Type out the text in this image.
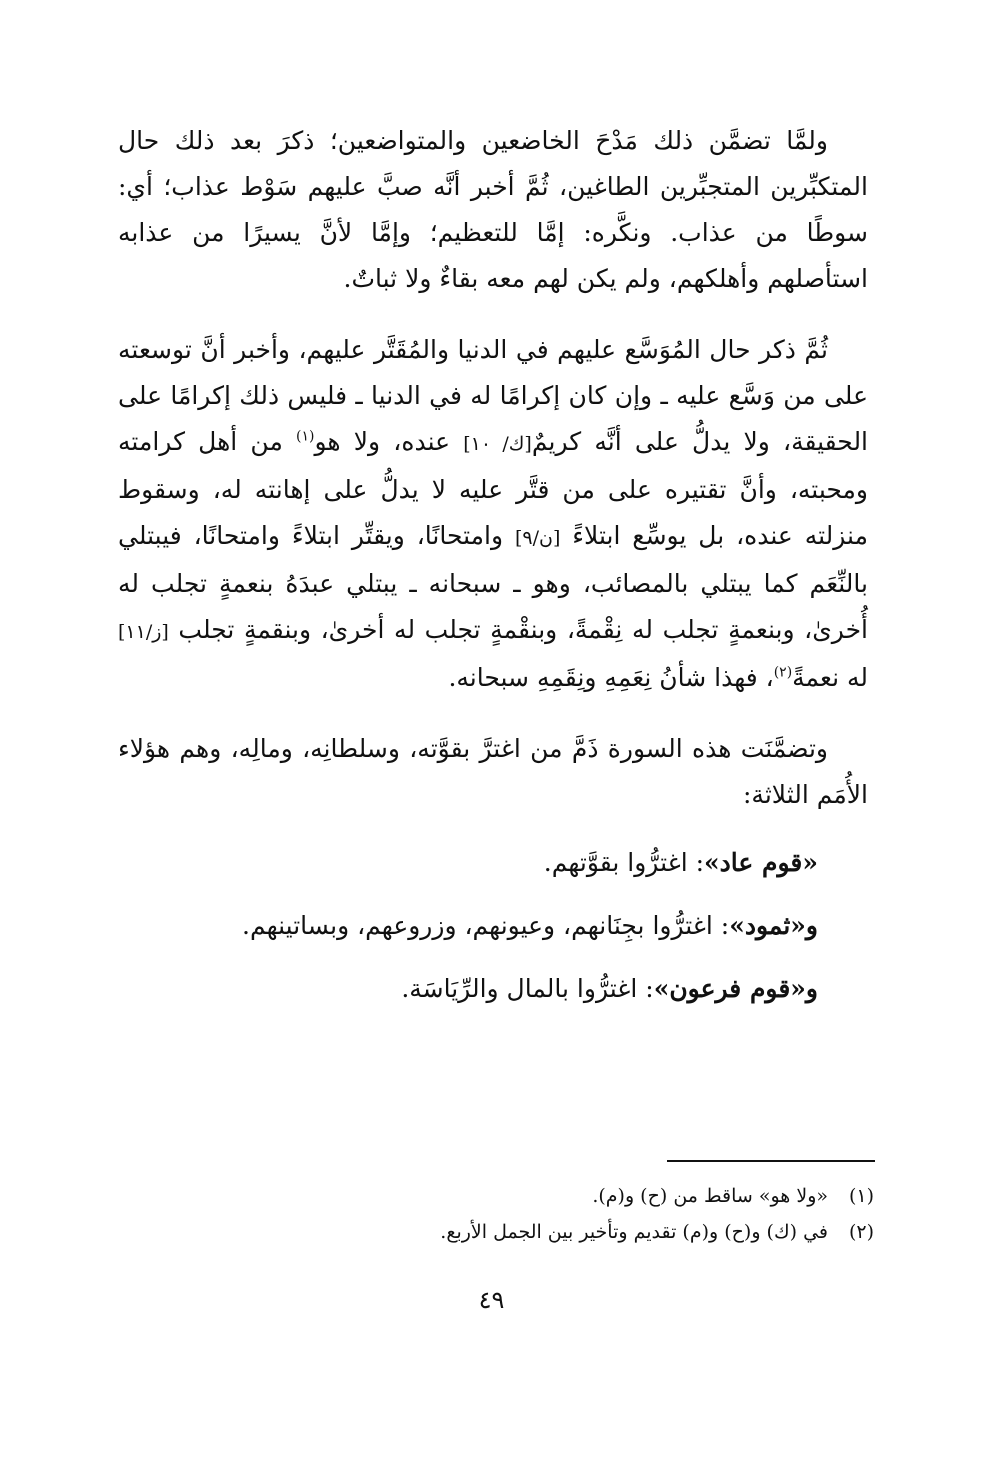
ولمَّا تضمَّن ذلك مَدْحَ الخاضعين والمتواضعين؛ ذكرَ بعد ذلك حال المتكبِّرين المتجبِّرين الطاغين، ثُمَّ أخبر أنَّه صبَّ عليهم سَوْط عذاب؛ أي: سوطًا من عذاب. ونكَّره: إمَّا للتعظيم؛ وإمَّا لأنَّ يسيرًا من عذابه استأصلهم وأهلكهم، ولم يكن لهم معه بقاءٌ ولا ثباتٌ.

ثُمَّ ذكر حال المُوَسَّع عليهم في الدنيا والمُقَتَّر عليهم، وأخبر أنَّ توسعته على من وَسَّع عليه ـ وإن كان إكرامًا له في الدنيا ـ فليس ذلك إكرامًا على الحقيقة، ولا يدلُّ على أنَّه كريمٌ[ك/ ١٠] عنده، ولا هو$^{(١)}$ من أهل كرامته ومحبته، وأنَّ تقتيره على من قتَّر عليه لا يدلُّ على إهانته له، وسقوط منزلته عنده، بل يوسِّع ابتلاءً [ن/٩] وامتحانًا، ويقتِّر ابتلاءً وامتحانًا، فيبتلي بالنِّعَم كما يبتلي بالمصائب، وهو ـ سبحانه ـ يبتلي عبدَهُ بنعمةٍ تجلب له أُخرىٰ، وبنعمةٍ تجلب له نِقْمةً، وبنقْمةٍ تجلب له أخرىٰ، وبنقمةٍ تجلب [ز/١١] له نعمةً$^{(٢)}$، فهذا شأنُ نِعَمِهِ ونِقَمِهِ سبحانه.

وتضمَّنَت هذه السورة ذَمَّ من اغترَّ بقوَّته، وسلطانِه، ومالِه، وهم هؤلاء الأُمَم الثلاثة:

«قوم عاد»: اغترُّوا بقوَّتهم.

و«ثمود»: اغترُّوا بجِنَانهم، وعيونهم، وزروعهم، وبساتينهم.

و«قوم فرعون»: اغترُّوا بالمال والرِّيَاسَة.

(١)«ولا هو» ساقط من (ح) و(م).

(٢)في (ك) و(ح) و(م) تقديم وتأخير بين الجمل الأربع.

٤٩
